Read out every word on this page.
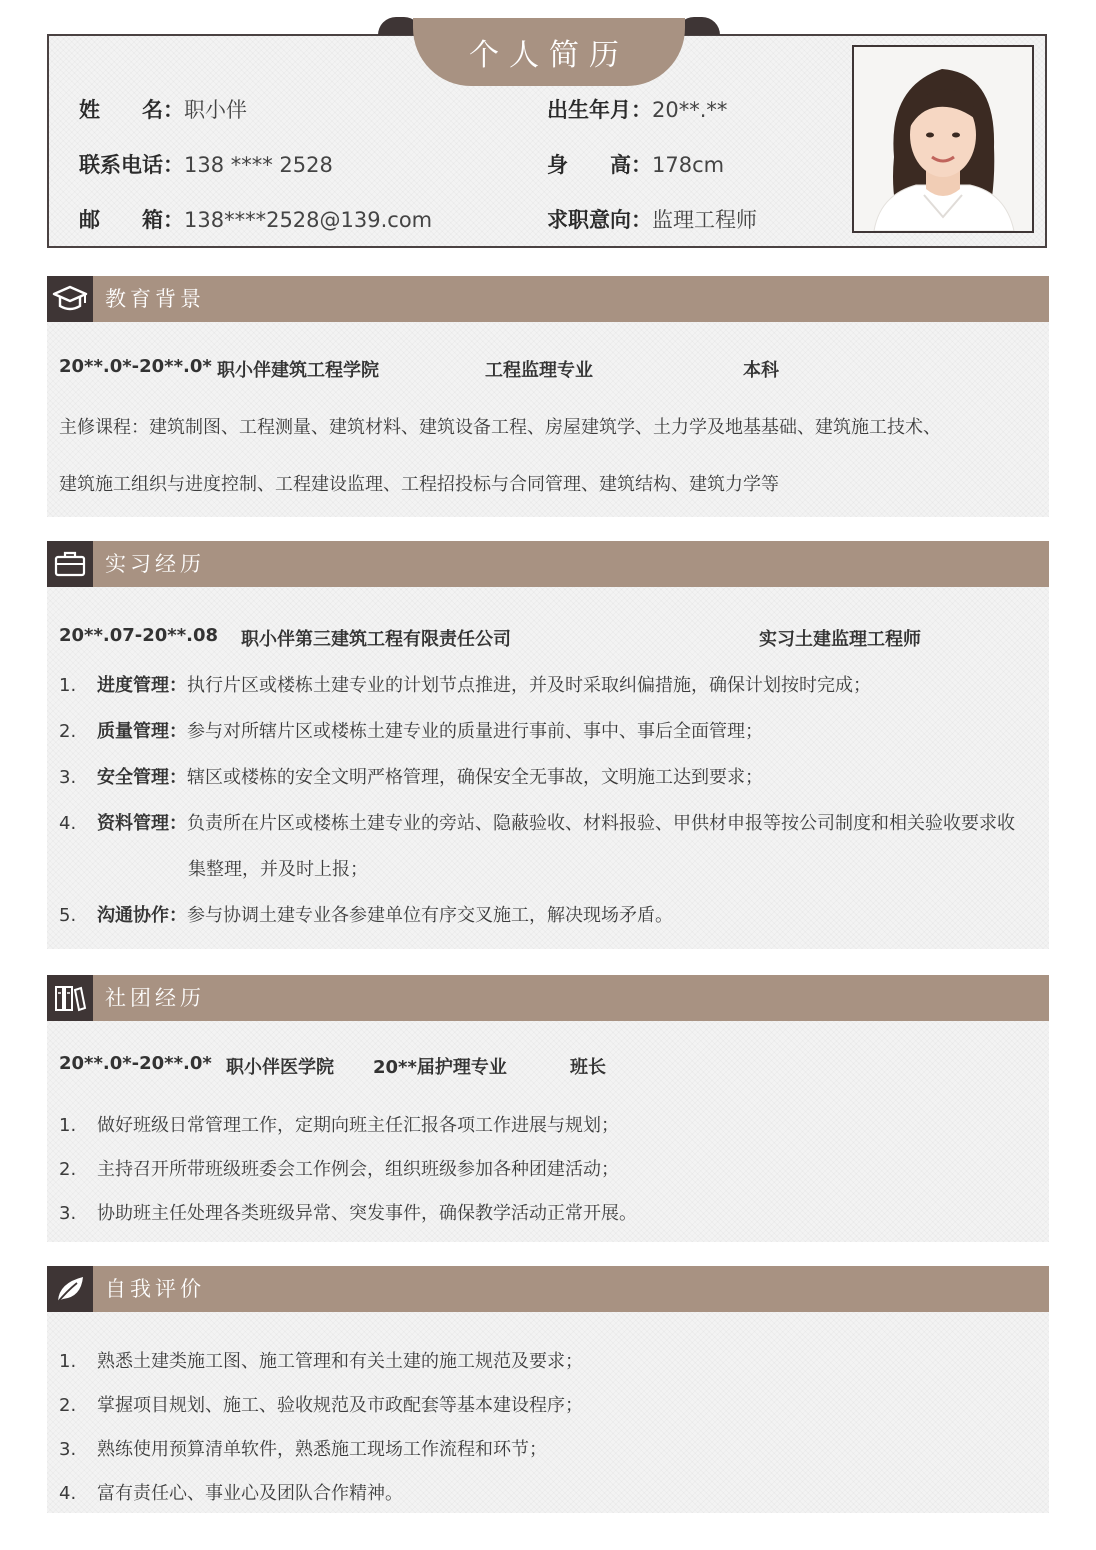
个人简历
姓　　名：职小伴	出生年月：20**.**
联系电话：138 **** 2528	身　　高：178cm
邮　　箱：138****2528@139.com	求职意向：监理工程师
教育背景
20**.0*-20**.0* 职小伴建筑工程学院	工程监理专业	本科
主修课程：建筑制图、工程测量、建筑材料、建筑设备工程、房屋建筑学、土力学及地基基础、建筑施工技术、
建筑施工组织与进度控制、工程建设监理、工程招投标与合同管理、建筑结构、建筑力学等
实习经历
20**.07-20**.08 职小伴第三建筑工程有限责任公司	实习土建监理工程师
1. 进度管理：执行片区或楼栋土建专业的计划节点推进，并及时采取纠偏措施，确保计划按时完成；
2. 质量管理：参与对所辖片区或楼栋土建专业的质量进行事前、事中、事后全面管理；
3. 安全管理：辖区或楼栋的安全文明严格管理，确保安全无事故，文明施工达到要求；
4. 资料管理：负责所在片区或楼栋土建专业的旁站、隐蔽验收、材料报验、甲供材申报等按公司制度和相关验收要求收
集整理，并及时上报；
5. 沟通协作：参与协调土建专业各参建单位有序交叉施工，解决现场矛盾。
社团经历
20**.0*-20**.0* 职小伴医学院 20**届护理专业	班长
1. 做好班级日常管理工作，定期向班主任汇报各项工作进展与规划；
2. 主持召开所带班级班委会工作例会，组织班级参加各种团建活动；
3. 协助班主任处理各类班级异常、突发事件，确保教学活动正常开展。
自我评价
1. 熟悉土建类施工图、施工管理和有关土建的施工规范及要求；
2. 掌握项目规划、施工、验收规范及市政配套等基本建设程序；
3. 熟练使用预算清单软件，熟悉施工现场工作流程和环节；
4. 富有责任心、事业心及团队合作精神。
